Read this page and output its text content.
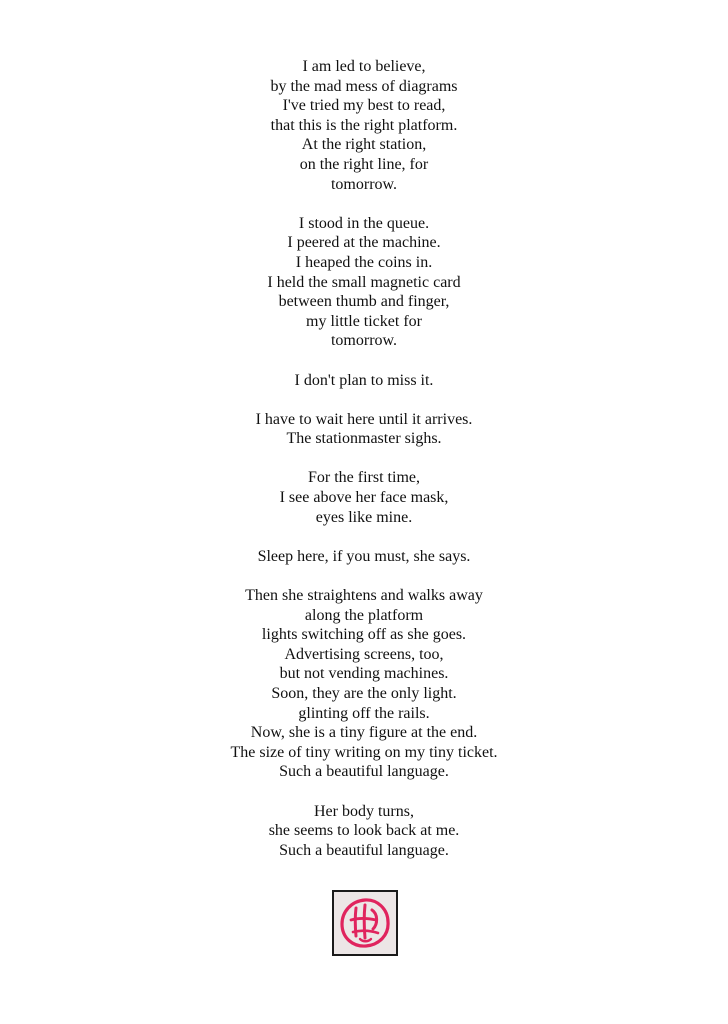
I am led to believe,
by the mad mess of diagrams
I've tried my best to read,
that this is the right platform.
At the right station,
on the right line, for
tomorrow.
I stood in the queue.
I peered at the machine.
I heaped the coins in.
I held the small magnetic card
between thumb and finger,
my little ticket for
tomorrow.
I don't plan to miss it.
I have to wait here until it arrives.
The stationmaster sighs.
For the first time,
I see above her face mask,
eyes like mine.
Sleep here, if you must, she says.
Then she straightens and walks away
along the platform
lights switching off as she goes.
Advertising screens, too,
but not vending machines.
Soon, they are the only light.
glinting off the rails.
Now, she is a tiny figure at the end.
The size of tiny writing on my tiny ticket.
Such a beautiful language.
Her body turns,
she seems to look back at me.
Such a beautiful language.
